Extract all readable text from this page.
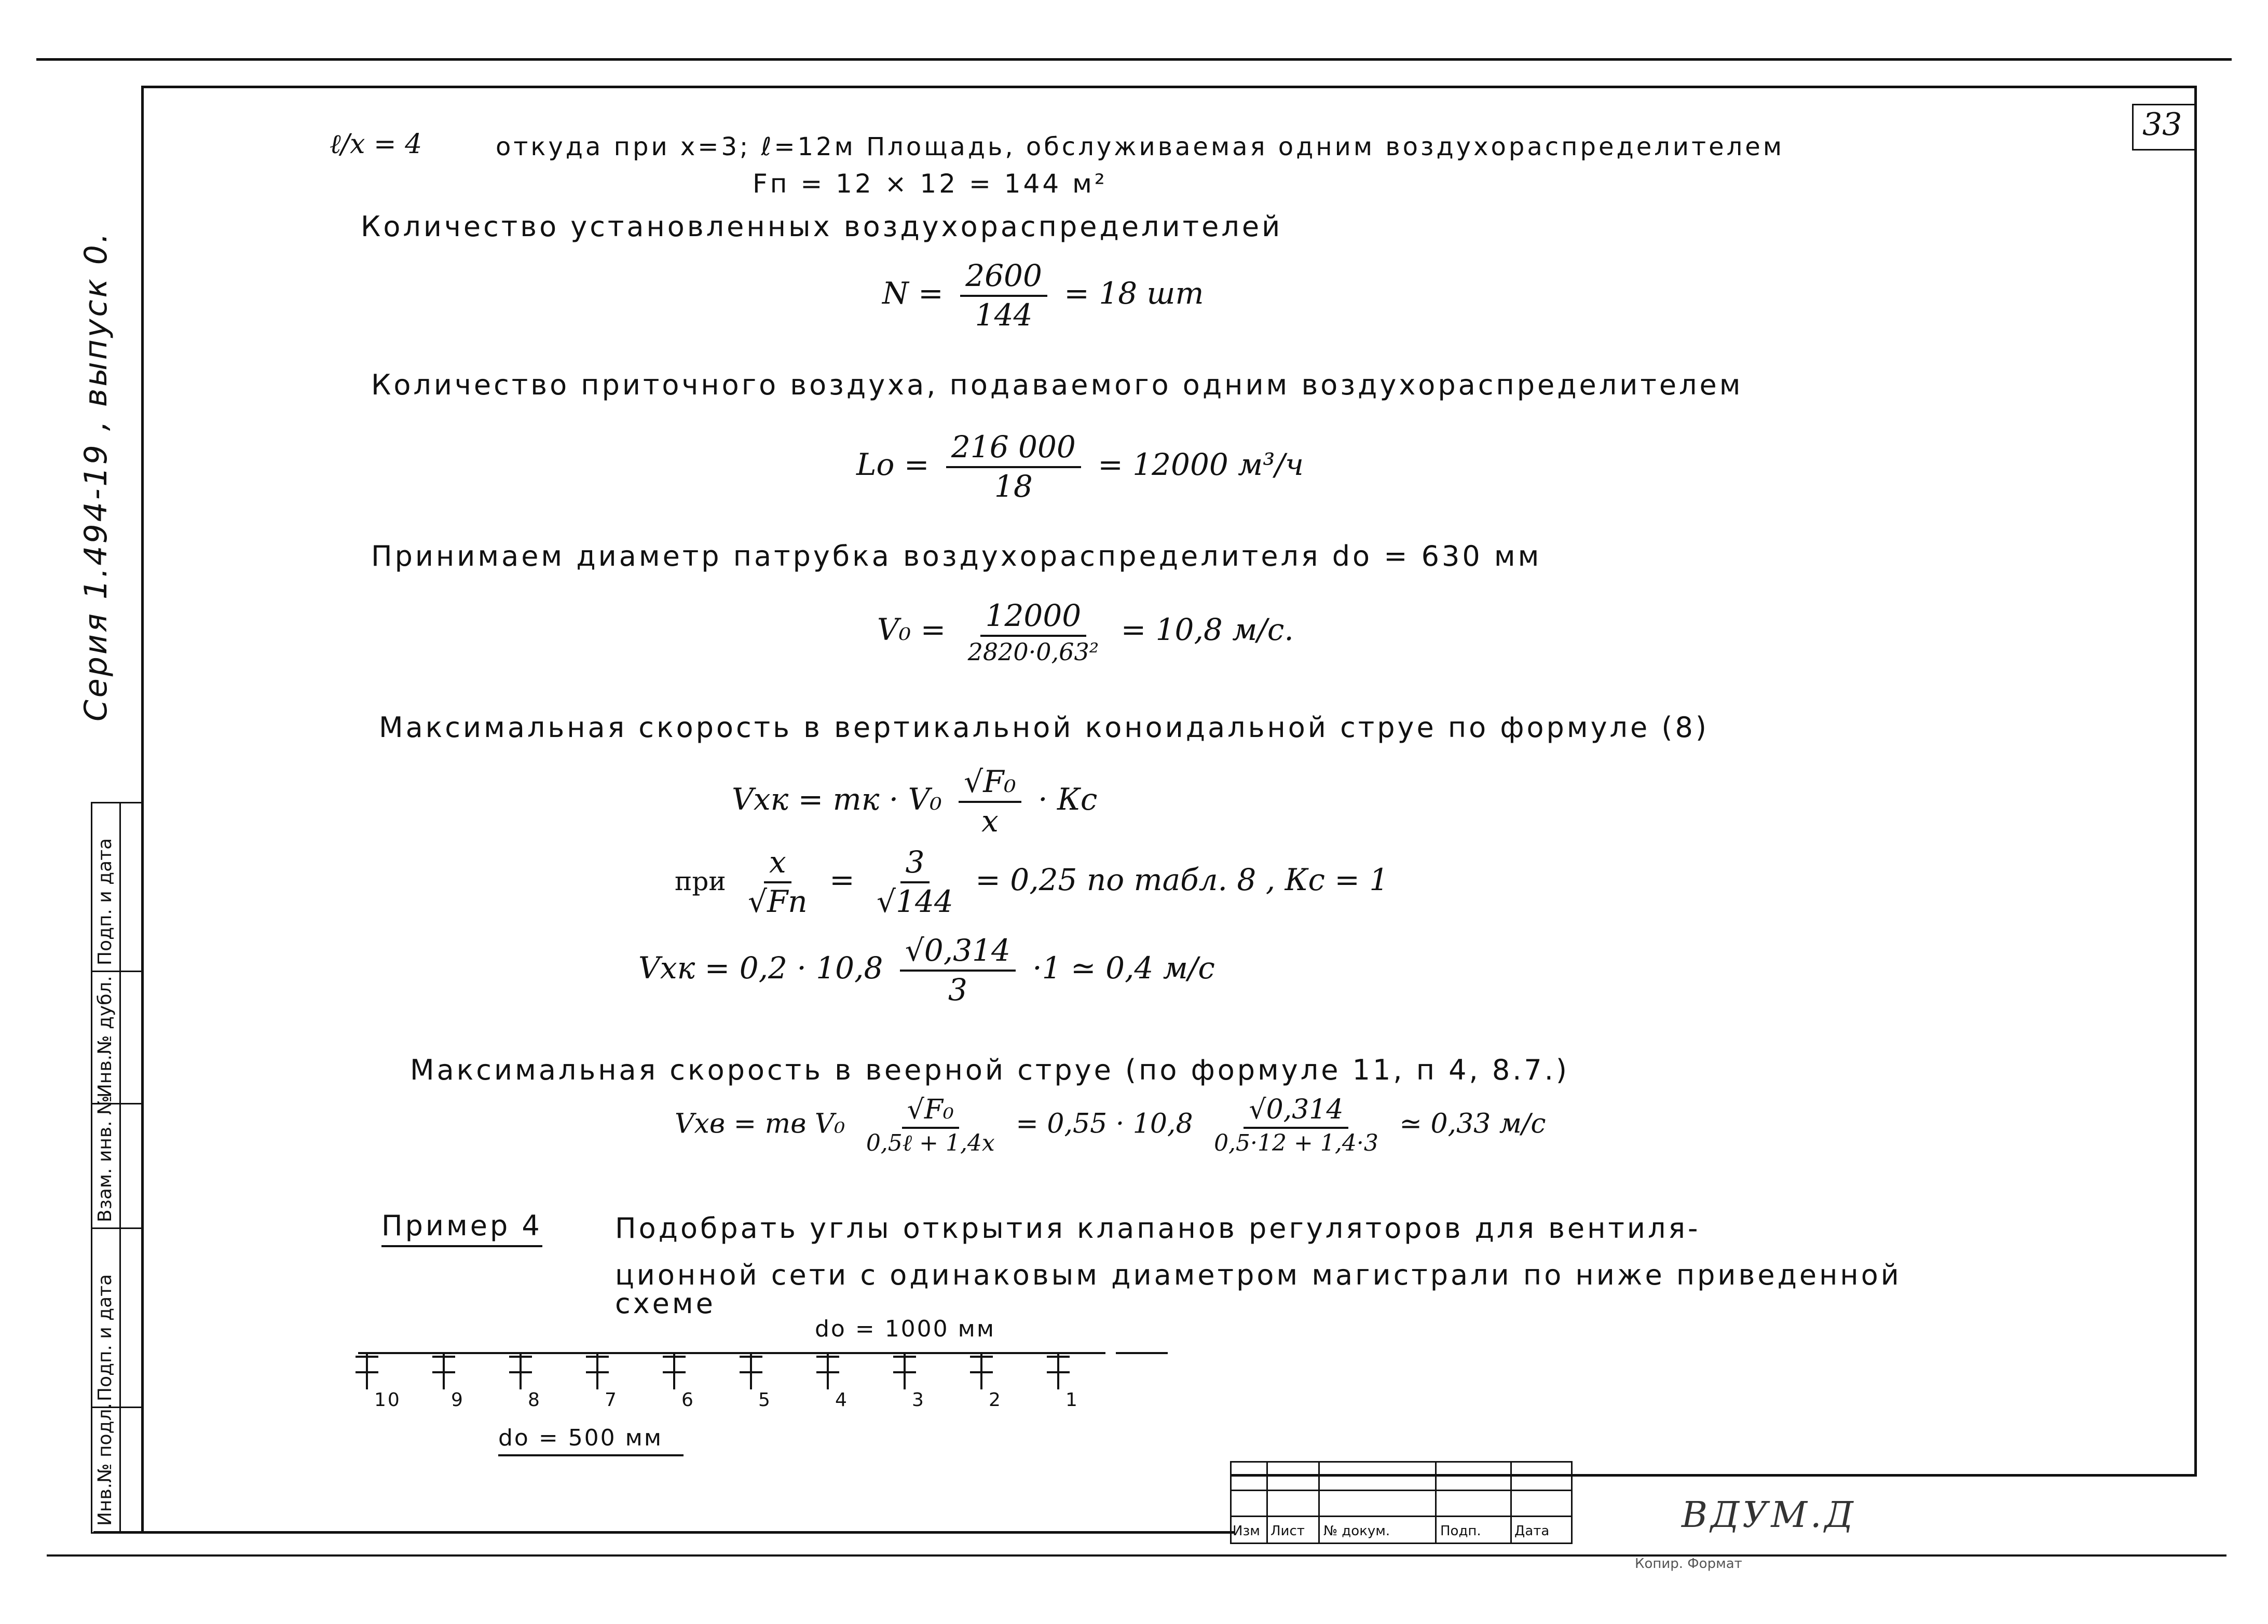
33
Серия 1.494-19 , выпуск 0.
Подп. и дата
Инв.№ дубл.
Взам. инв. №
Подп. и дата
Инв.№ подл.
ℓ/x = 4	откуда при x=3; ℓ=12м Площадь, обслуживаемая одним воздухораспределителем
Fп = 12 × 12 = 144 м²
Количество установленных воздухораспределителей
$N = \frac{2600}{144} = 18$ шт
Количество приточного воздуха, подаваемого одним воздухораспределителем
$Lo = \frac{216 000}{18} = 12000$ м³/ч
Принимаем диаметр патрубка воздухораспределителя dо = 630 мм
$V_0 = \frac{12000}{\text{2820·0,63²}} = 10,8$ м/с.
Максимальная скорость в вертикальной коноидальной струе по формуле (8)
Vxк = mк · $V_0 \frac{\text{√F₀}}{x}$ · Кс
при $\frac{x}{√Fп} = \frac{3}{√144} = 0,25$ по табл. 8 , Кс = 1
Vxк = $0,2 \cdot 10,8 \frac{√0,314}{3} \cdot 1$ ≃ 0,4 м/с
Максимальная скорость в веерной струе (по формуле 11, п 4, 8.7.)
Vxв = mв $V_0 \frac{\text{√F₀}}{\text{0,5ℓ + 1,4x}} = 0,55 \cdot 10,8 \frac{√0,314}{0,5\cdot 12 + 1,4\cdot 3}$ ≃ 0,33 м/с
Пример 4	Подобрать углы открытия клапанов регуляторов для вентиля-
ционной сети с одинаковым диаметром магистрали по ниже приведенной
схеме
dо = 1000 мм
10	9	8	7	6	5	4	3	2	1
dо = 500 мм
Изм Лист № докум.	Подп. Дата	ВДУМ.Д
Копир. Формат
